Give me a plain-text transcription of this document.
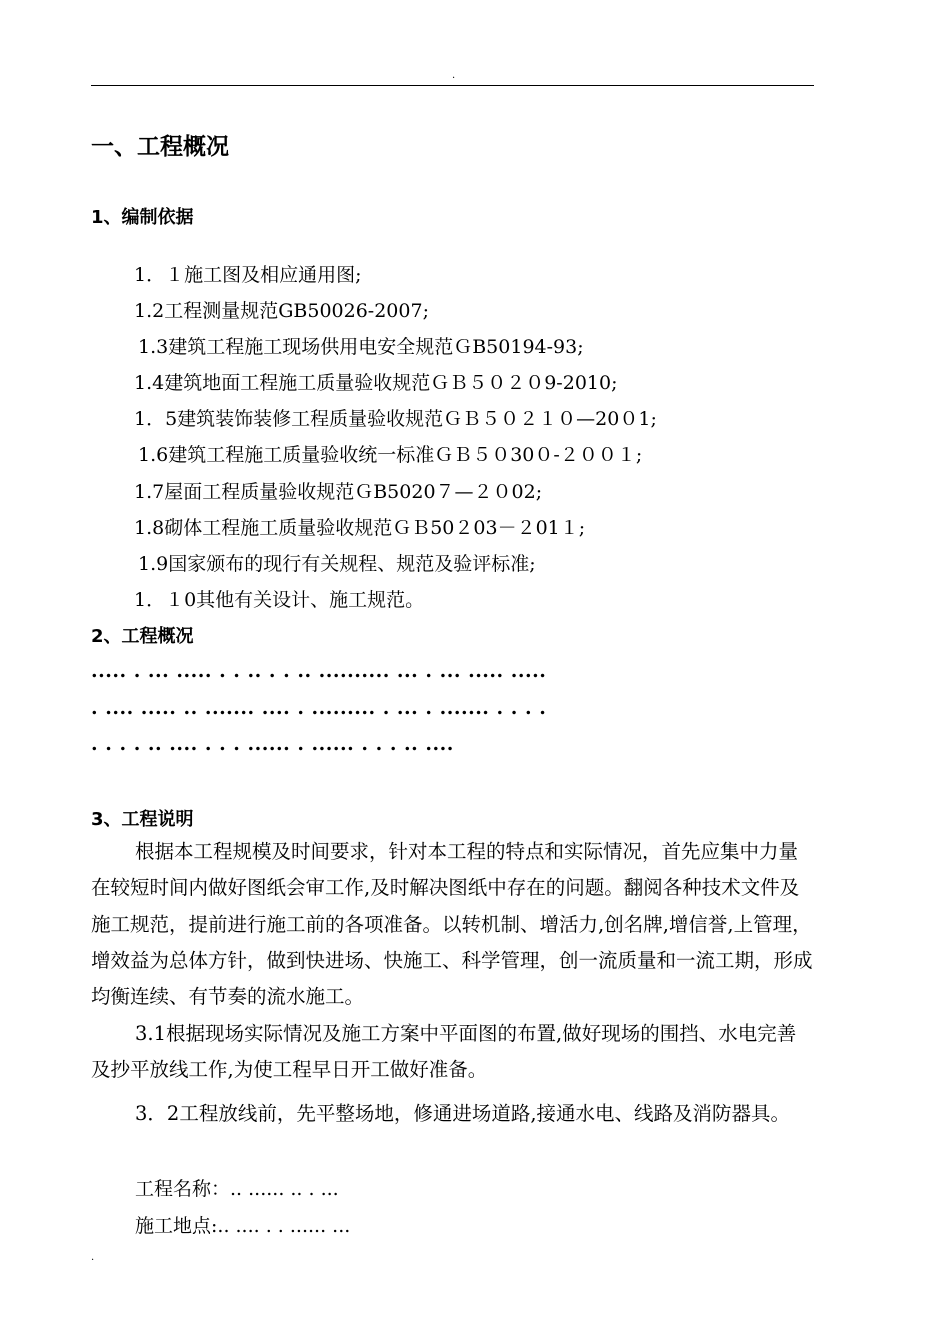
.
一、工程概况
1、编制依据
1．１施工图及相应通用图;
1.2工程测量规范GB50026-2007;
1.3建筑工程施工现场供用电安全规范ＧB50194-93;
1.4建筑地面工程施工质量验收规范ＧＢ５０２０9-2010;
1．5建筑装饰装修工程质量验收规范ＧＢ５０２１０—20０1;
1.6建筑工程施工质量验收统一标准ＧＢ５０30０-２００１;
1.7屋面工程质量验收规范ＧB5020７—２０02;
1.8砌体工程施工质量验收规范ＧＢ50２03－２01１;
1.9国家颁布的现行有关规程、规范及验评标准;
1．１0其他有关设计、施工规范。
2、工程概况
..... . ... ..... . . .. . . .. .......... ... . ... ..... .....
. .... ..... .. ....... .... . ......... . ... . ....... . . . .
. . . . .. .... . . . ...... . ...... . . . .. ....
3、工程说明

根据本工程规模及时间要求，针对本工程的特点和实际情况，首先应集中力量在较短时间内做好图纸会审工作,及时解决图纸中存在的问题。翻阅各种技术文件及施工规范，提前进行施工前的各项准备。以转机制、增活力,创名牌,增信誉,上管理，增效益为总体方针，做到快进场、快施工、科学管理，创一流质量和一流工期，形成均衡连续、有节奏的流水施工。

3.1根据现场实际情况及施工方案中平面图的布置,做好现场的围挡、水电完善及抄平放线工作,为使工程早日开工做好准备。

3．2工程放线前，先平整场地，修通进场道路,接通水电、线路及消防器具。

工程名称：.. ...... .. . ...
施工地点:.. .... . . ...... ...
.
